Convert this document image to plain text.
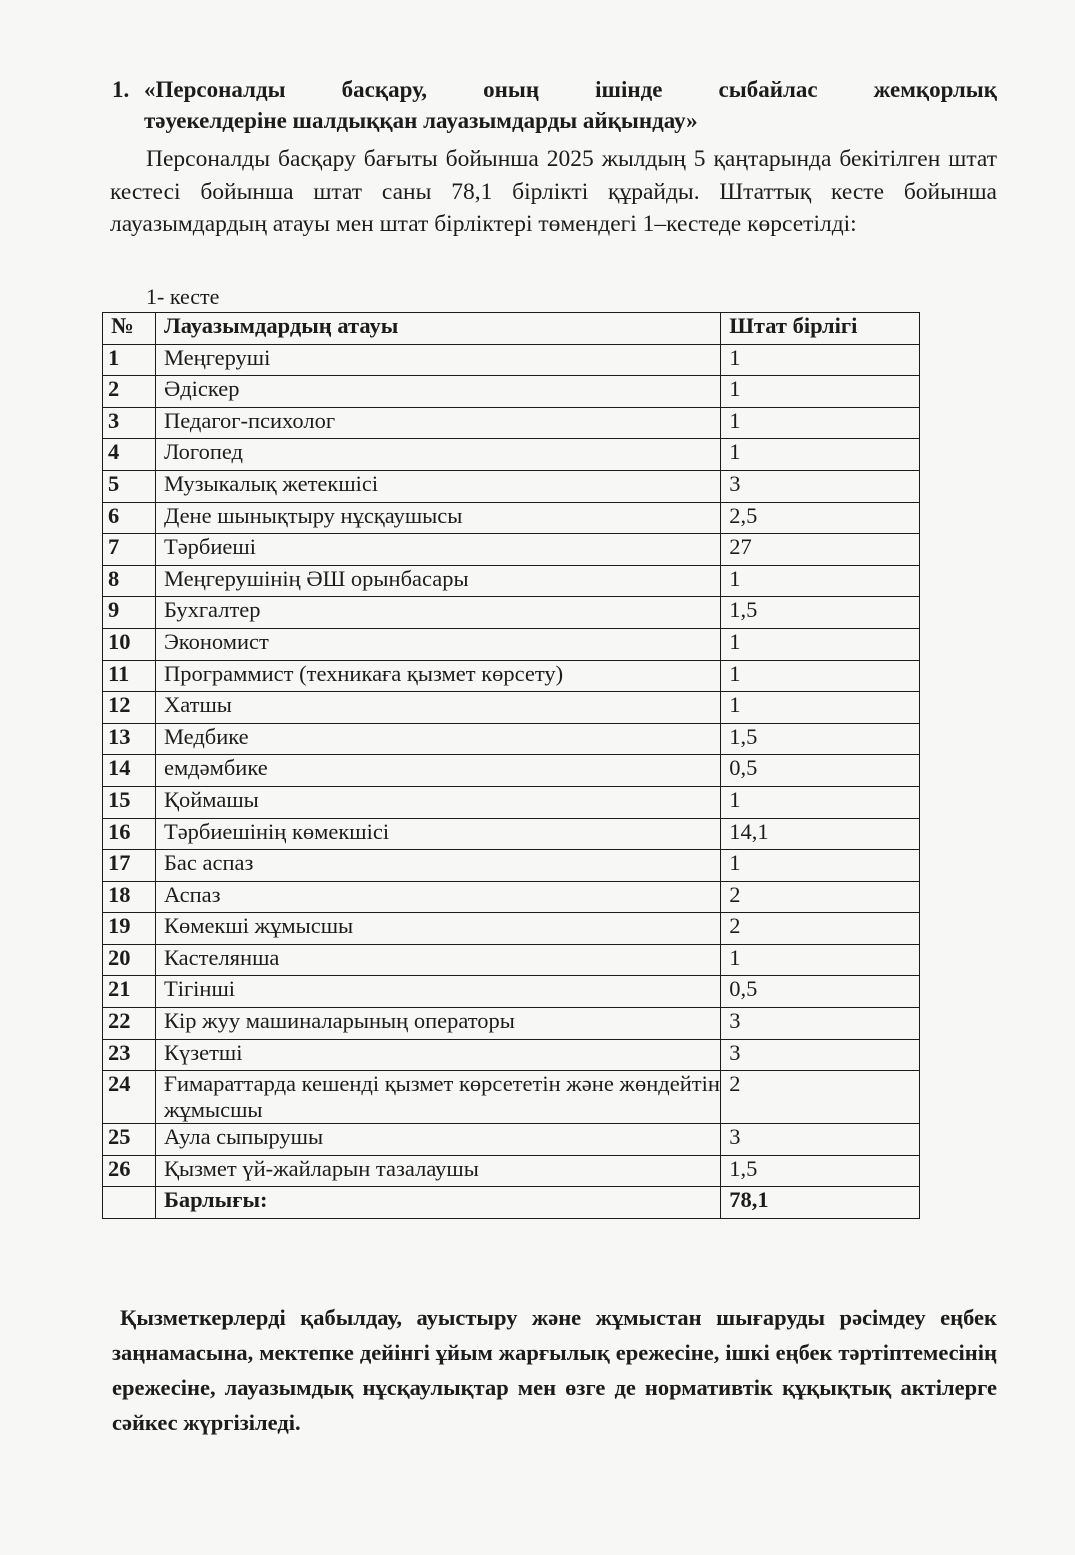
1. «Персоналды басқару, оның ішінде сыбайлас жемқорлық
тәуекелдеріне шалдыққан лауазымдарды айқындау»
Персоналды басқару бағыты бойынша 2025 жылдың 5 қаңтарында бекітілген штат кестесі бойынша штат саны 78,1 бірлікті құрайды. Штаттық кесте бойынша лауазымдардың атауы мен штат бірліктері төмендегі 1–кестеде көрсетілді:
1- кесте
№	Лауазымдардың атауы	Штат бірлігі
1	Меңгеруші	1
2	Әдіскер	1
3	Педагог-психолог	1
4	Логопед	1
5	Музыкалық жетекшісі	3
6	Дене шынықтыру нұсқаушысы	2,5
7	Тәрбиеші	27
8	Меңгерушінің ӘШ орынбасары	1
9	Бухгалтер	1,5
10	Экономист	1
11	Программист (техникаға қызмет көрсету)	1
12	Хатшы	1
13	Медбике	1,5
14	емдәмбике	0,5
15	Қоймашы	1
16	Тәрбиешінің көмекшісі	14,1
17	Бас аспаз	1
18	Аспаз	2
19	Көмекші жұмысшы	2
20	Кастелянша	1
21	Тігінші	0,5
22	Кір жуу машиналарының операторы	3
23	Күзетші	3
24	Ғимараттарда кешенді қызмет көрсететін және жөндейтін жұмысшы	2
25	Аула сыпырушы	3
26	Қызмет үй-жайларын тазалаушы	1,5
	Барлығы:	78,1
Қызметкерлерді қабылдау, ауыстыру және жұмыстан шығаруды рәсімдеу еңбек заңнамасына, мектепке дейінгі ұйым жарғылық ережесіне, ішкі еңбек тәртіптемесінің ережесіне, лауазымдық нұсқаулықтар мен өзге де нормативтік құқықтық актілерге сәйкес жүргізіледі.
